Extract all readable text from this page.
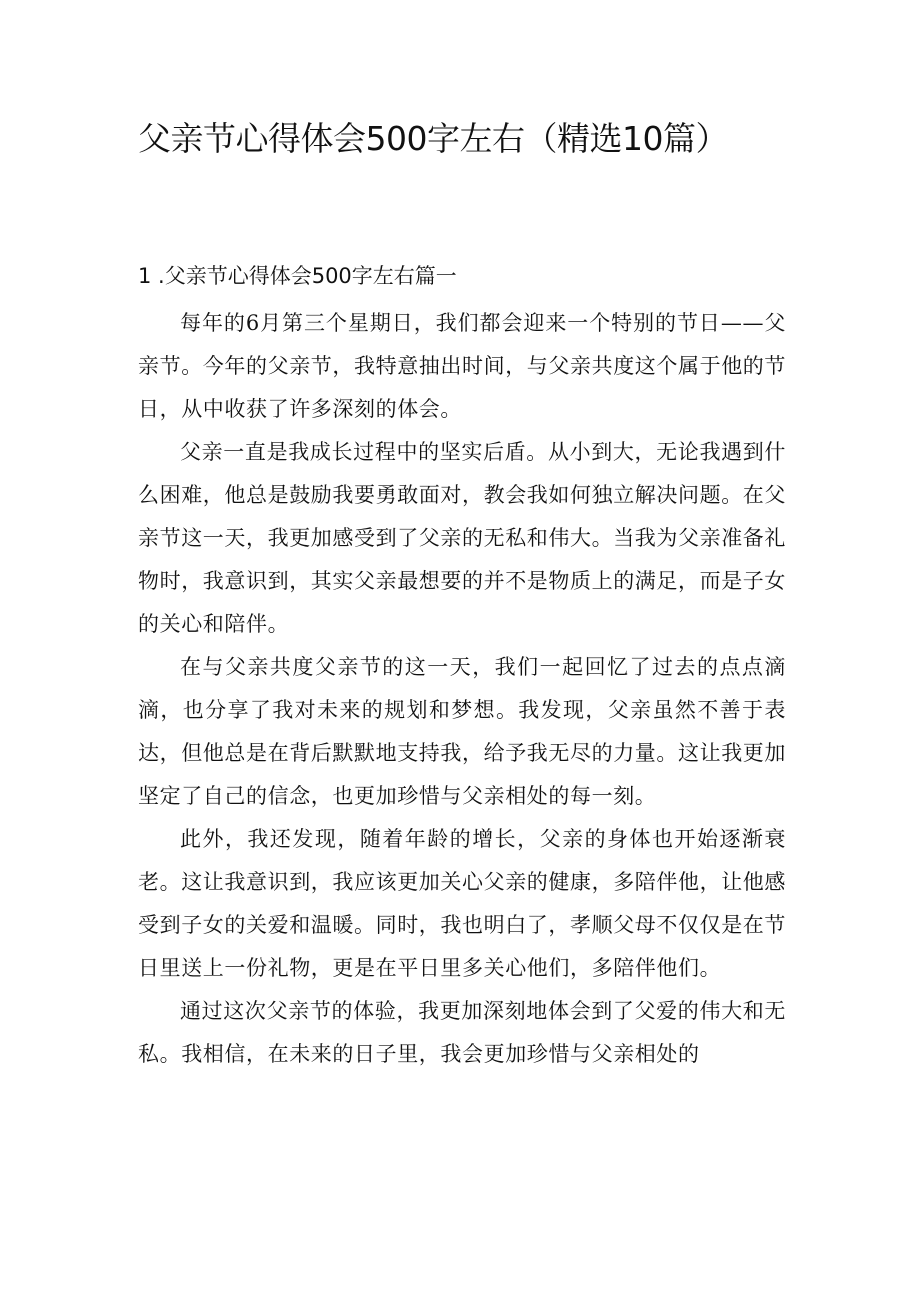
父亲节心得体会500字左右（精选10篇）
1 .父亲节心得体会500字左右篇一

每年的6月第三个星期日，我们都会迎来一个特别的节日——父亲节。今年的父亲节，我特意抽出时间，与父亲共度这个属于他的节日，从中收获了许多深刻的体会。

父亲一直是我成长过程中的坚实后盾。从小到大，无论我遇到什么困难，他总是鼓励我要勇敢面对，教会我如何独立解决问题。在父亲节这一天，我更加感受到了父亲的无私和伟大。当我为父亲准备礼物时，我意识到，其实父亲最想要的并不是物质上的满足，而是子女的关心和陪伴。

在与父亲共度父亲节的这一天，我们一起回忆了过去的点点滴滴，也分享了我对未来的规划和梦想。我发现，父亲虽然不善于表达，但他总是在背后默默地支持我，给予我无尽的力量。这让我更加坚定了自己的信念，也更加珍惜与父亲相处的每一刻。

此外，我还发现，随着年龄的增长，父亲的身体也开始逐渐衰老。这让我意识到，我应该更加关心父亲的健康，多陪伴他，让他感受到子女的关爱和温暖。同时，我也明白了，孝顺父母不仅仅是在节日里送上一份礼物，更是在平日里多关心他们，多陪伴他们。

通过这次父亲节的体验，我更加深刻地体会到了父爱的伟大和无私。我相信，在未来的日子里，我会更加珍惜与父亲相处的
